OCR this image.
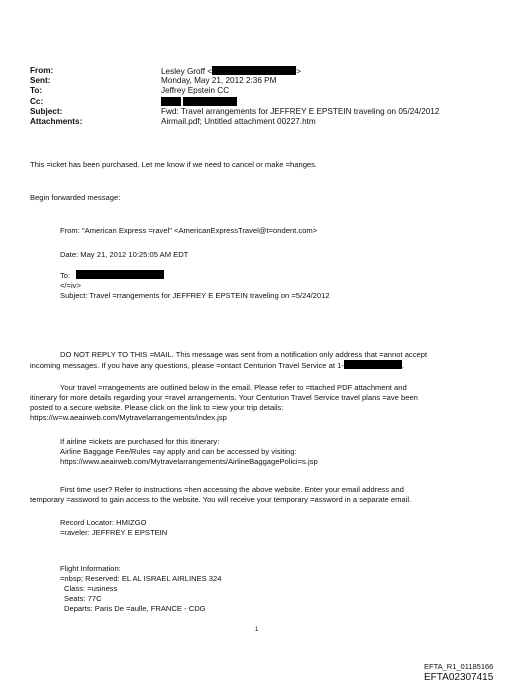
From:	Lesley Groff <	>
Sent:	Monday, May 21, 2012 2:36 PM
To:	Jeffrey Epstein CC
Cc:

Subject:	Fwd: Travel arrangements for JEFFREY E EPSTEIN traveling on 05/24/2012
Attachments:	Airmail.pdf; Untitled attachment 00227.htm
This =icket has been purchased. Let me know if we need to cancel or make =hanges.
Begin forwarded message:
From: "American Express =ravel" <AmericanExpressTravel@t=ondent.com>
Date: May 21, 2012 10:25:05 AM EDT
To:
</=iv>
Subject: Travel =rrangements for JEFFREY E EPSTEIN traveling on =5/24/2012
DO NOT REPLY TO THIS =MAIL. This message was sent from a notification only address that =annot accept
incoming messages. If you have any questions, please =ontact Centurion Travel Service at 1-	.
Your travel =rrangements are outlined below in the email. Please refer to =ttached PDF attachment and
itinerary for more details regarding your =ravel arrangements. Your Centurion Travel Service travel plans =ave been
posted to a secure website. Please click on the link to =iew your trip details:
https://w=w.aeairweb.com/Mytravelarrangements/index.jsp
If airline =ickets are purchased for this itinerary:
Airline Baggage Fee/Rules =ay apply and can be accessed by visiting:
https://www.aeairweb.com/Mytravelarrangements/AirlineBaggagePolici=s.jsp
First time user? Refer to instructions =hen accessing the above website. Enter your email address and
temporary =assword to gain access to the website. You will receive your temporary =assword in a separate email.
Record Locator: HMIZGO
=raveler: JEFFREY E EPSTEIN
Flight Information:
=nbsp; Reserved: EL AL ISRAEL AIRLINES 324
Class: =usiness
Seats: 77C
Departs: Paris De =aulle, FRANCE - CDG
1
EFTA_R1_01185166
EFTA02307415
